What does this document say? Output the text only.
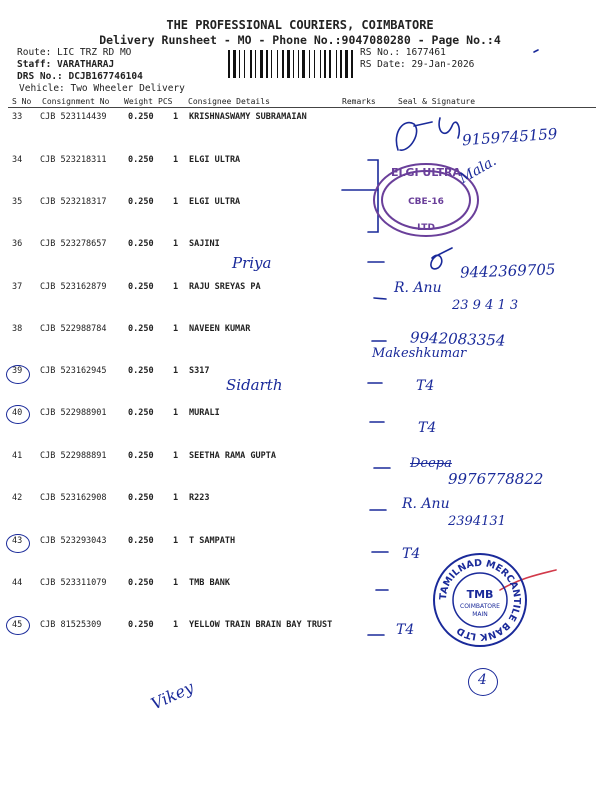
THE PROFESSIONAL COURIERS, COIMBATORE
Delivery Runsheet - MO - Phone No.:9047080280 - Page No.:4
Route: LIC TRZ RD MO
Staff: VARATHARAJ
DRS No.: DCJB167746104
Vehicle: Two Wheeler Delivery
RS No.: 1677461
RS Date: 29-Jan-2026
S No Consignment No Weight PCS Consignee Details	Remarks	Seal & Signature
33 CJB 523114439	0.250 1 KRISHNASWAMY SUBRAMAIAN
34 CJB 523218311	0.250 1 ELGI ULTRA
35 CJB 523218317	0.250 1 ELGI ULTRA
36 CJB 523278657	0.250 1 SAJINI
37 CJB 523162879	0.250 1 RAJU SREYAS PA
38 CJB 522988784	0.250 1 NAVEEN KUMAR
39 CJB 523162945	0.250 1 S317
40 CJB 522988901	0.250 1 MURALI
41 CJB 522988891	0.250 1 SEETHA RAMA GUPTA
42 CJB 523162908	0.250 1 R223
43 CJB 523293043	0.250 1 T SAMPATH
44 CJB 523311079	0.250 1 TMB BANK
45 CJB 81525309	0.250 1 YELLOW TRAIN BRAIN BAY TRUST
ELGI ULTRA
CBE-16
LTD
TAMILNAD MERCANTILE BANK LTD
TMB
COIMBATORE
MAIN
9159745159
Mala.
Priya	9442369705
R. Anu
23 9 4 1 3
9942083354
Makeshkumar
Sidarth	T4
T4
Deepa
9976778822
R. Anu
2394131
T4
T4
4
Vikey
